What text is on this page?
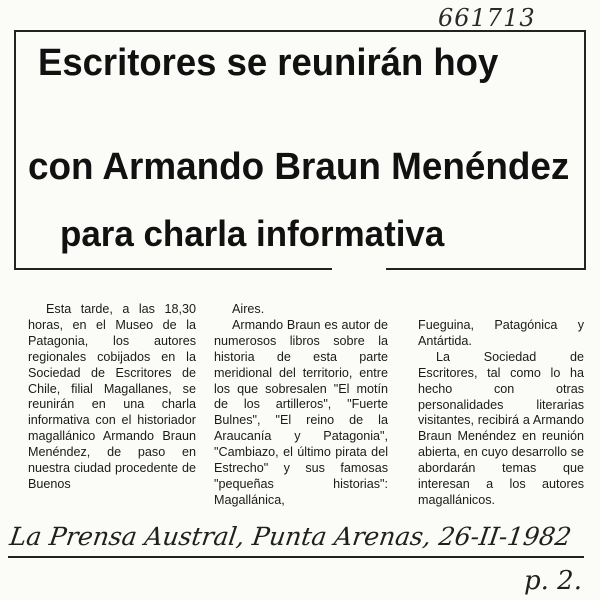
661713
Escritores se reunirán hoy
con Armando Braun Menéndez
para charla informativa

Esta tarde, a las 18,30 horas, en el Museo de la Patagonia, los autores regionales cobijados en la Sociedad de Escritores de Chile, filial Magallanes, se reunirán en una charla informativa con el historiador magallánico Armando Braun Menéndez, de paso en nuestra ciudad procedente de Buenos

Aires.

Armando Braun es autor de numerosos libros sobre la historia de esta parte meridional del territorio, entre los que sobresalen "El motín de los artilleros", "Fuerte Bulnes", "El reino de la Araucanía y Patagonia", "Cambiazo, el último pirata del Estrecho" y sus famosas "pequeñas historias": Magallánica,

Fueguina, Patagónica y Antártida.

La Sociedad de Escritores, tal como lo ha hecho con otras personalidades literarias visitantes, recibirá a Armando Braun Menéndez en reunión abierta, en cuyo desarrollo se abordarán temas que interesan a los autores magallánicos.

La Prensa Austral, Punta Arenas, 26-II-1982
p. 2.
